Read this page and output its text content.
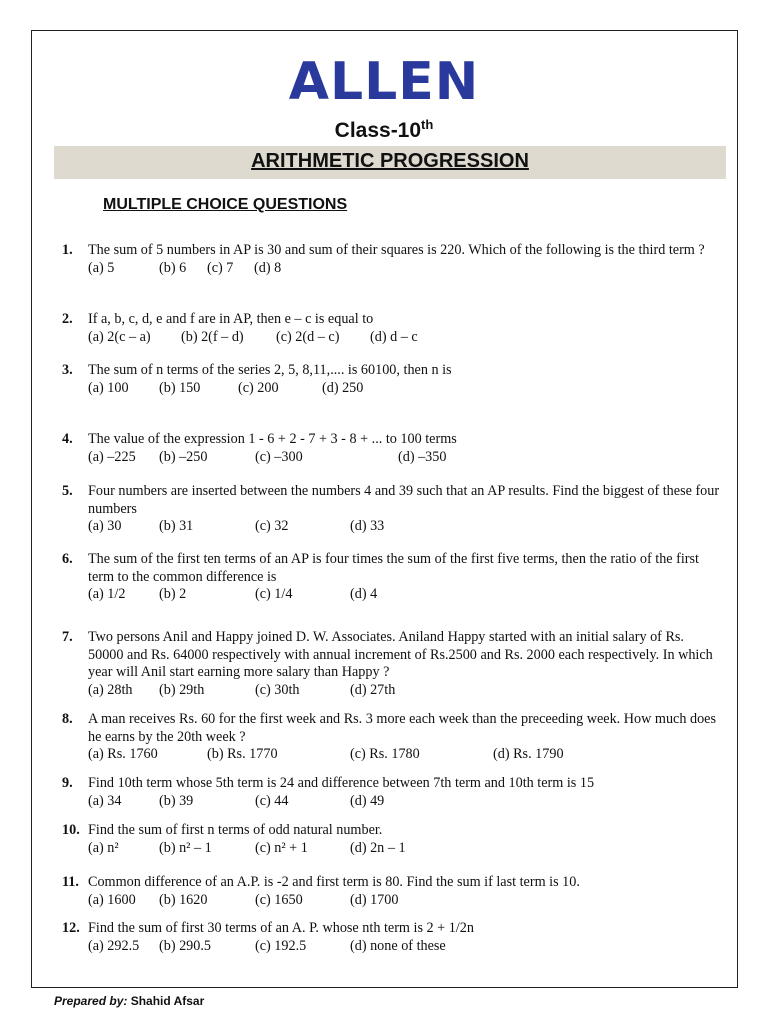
ALLEN
Class-10th
ARITHMETIC PROGRESSION
MULTIPLE CHOICE QUESTIONS
1. The sum of 5 numbers in AP is 30 and sum of their squares is 220. Which of the following is the third term ?
(a) 5	(b) 6 (c) 7 (d) 8
2. If a, b, c, d, e and f are in AP, then e – c is equal to
(a) 2(c – a) (b) 2(f – d) (c) 2(d – c) (d) d – c
3. The sum of n terms of the series 2, 5, 8,11,.... is 60100, then n is
(a) 100 (b) 150	(c) 200	(d) 250
4. The value of the expression 1 - 6 + 2 - 7 + 3 - 8 + ... to 100 terms
(a) –225 (b) –250	(c) –300	(d) –350
5. Four numbers are inserted between the numbers 4 and 39 such that an AP results. Find the biggest of these four numbers
(a) 30	(b) 31	(c) 32	(d) 33
6. The sum of the first ten terms of an AP is four times the sum of the first five terms, then the ratio of the first term to the common difference is
(a) 1/2 (b) 2	(c) 1/4	(d) 4
7. Two persons Anil and Happy joined D. W. Associates. Aniland Happy started with an initial salary of Rs. 50000 and Rs. 64000 respectively with annual increment of Rs.2500 and Rs. 2000 each respectively. In which year will Anil start earning more salary than Happy ?
(a) 28th (b) 29th	(c) 30th	(d) 27th
8. A man receives Rs. 60 for the first week and Rs. 3 more each week than the preceeding week. How much does he earns by the 20th week ?
(a) Rs. 1760	(b) Rs. 1770	(c) Rs. 1780	(d) Rs. 1790
9. Find 10th term whose 5th term is 24 and difference between 7th term and 10th term is 15
(a) 34	(b) 39	(c) 44	(d) 49
10. Find the sum of first n terms of odd natural number.
(a) n²	(b) n² – 1	(c) n² + 1	(d) 2n – 1
11. Common difference of an A.P. is -2 and first term is 80. Find the sum if last term is 10.
(a) 1600 (b) 1620	(c) 1650	(d) 1700
12. Find the sum of first 30 terms of an A. P. whose nth term is 2 + 1/2n
(a) 292.5 (b) 290.5	(c) 192.5	(d) none of these
Prepared by: Shahid Afsar
